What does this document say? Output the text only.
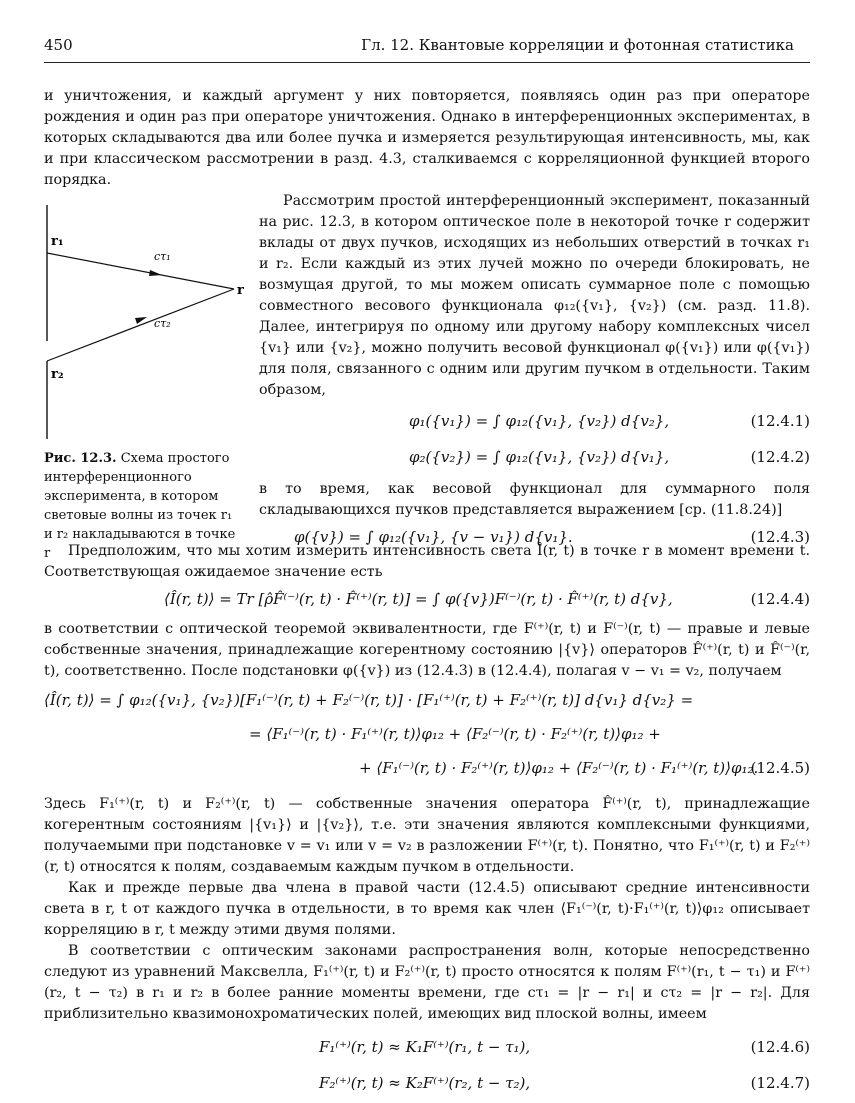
450	Гл. 12. Квантовые корреляции и фотонная статистика

и уничтожения, и каждый аргумент у них повторяется, появляясь один раз при операторе рождения и один раз при операторе уничтожения. Однако в интерференционных экспериментах, в которых складываются два или более пучка и измеряется результирующая интенсивность, мы, как и при классическом рассмотрении в разд. 4.3, сталкиваемся с корреляционной функцией второго порядка.

r₁
r₂
r
cτ₁
cτ₂
Рис. 12.3. Схема простого интерференционного эксперимента, в котором световые волны из точек r₁ и r₂ накладываются в точке r

Рассмотрим простой интерференционный эксперимент, показанный на рис. 12.3, в котором оптическое поле в некоторой точке r содержит вклады от двух пучков, исходящих из небольших отверстий в точках r₁ и r₂. Если каждый из этих лучей можно по очереди блокировать, не возмущая другой, то мы можем описать суммарное поле с помощью совместного весового функционала φ₁₂({v₁}, {v₂}) (см. разд. 11.8). Далее, интегрируя по одному или другому набору комплексных чисел {v₁} или {v₂}, можно получить весовой функционал φ({v₁}) или φ({v₁}) для поля, связанного с одним или другим пучком в отдельности. Таким образом,

φ₁({v₁}) = ∫ φ₁₂({v₁}, {v₂}) d{v₂},	(12.4.1)
φ₂({v₂}) = ∫ φ₁₂({v₁}, {v₂}) d{v₁},	(12.4.2)

в то время, как весовой функционал для суммарного поля складывающихся пучков представляется выражением [ср. (11.8.24)]

φ({v}) = ∫ φ₁₂({v₁}, {v − v₁}) d{v₁}.	(12.4.3)

Предположим, что мы хотим измерить интенсивность света Î(r, t) в точке r в момент времени t. Соответствующая ожидаемое значение есть

⟨Î(r, t)⟩ = Tr [ρ̂F̂⁽⁻⁾(r, t) · F̂⁽⁺⁾(r, t)] = ∫ φ({v})F⁽⁻⁾(r, t) · F̂⁽⁺⁾(r, t) d{v},	(12.4.4)

в соответствии с оптической теоремой эквивалентности, где F⁽⁺⁾(r, t) и F⁽⁻⁾(r, t) — правые и левые собственные значения, принадлежащие когерентному состоянию |{v}⟩ операторов F̂⁽⁺⁾(r, t) и F̂⁽⁻⁾(r, t), соответственно. После подстановки φ({v}) из (12.4.3) в (12.4.4), полагая v − v₁ = v₂, получаем

⟨Î(r, t)⟩ = ∫ φ₁₂({v₁}, {v₂})[F₁⁽⁻⁾(r, t) + F₂⁽⁻⁾(r, t)] · [F₁⁽⁺⁾(r, t) + F₂⁽⁺⁾(r, t)] d{v₁} d{v₂} =
= ⟨F₁⁽⁻⁾(r, t) · F₁⁽⁺⁾(r, t)⟩φ₁₂ + ⟨F₂⁽⁻⁾(r, t) · F₂⁽⁺⁾(r, t)⟩φ₁₂ +
+ ⟨F₁⁽⁻⁾(r, t) · F₂⁽⁺⁾(r, t)⟩φ₁₂ + ⟨F₂⁽⁻⁾(r, t) · F₁⁽⁺⁾(r, t)⟩φ₁₂.
(12.4.5)

Здесь F₁⁽⁺⁾(r, t) и F₂⁽⁺⁾(r, t) — собственные значения оператора F̂⁽⁺⁾(r, t), принадлежащие когерентным состояниям |{v₁}⟩ и |{v₂}⟩, т.е. эти значения являются комплексными функциями, получаемыми при подстановке v = v₁ или v = v₂ в разложении F⁽⁺⁾(r, t). Понятно, что F₁⁽⁺⁾(r, t) и F₂⁽⁺⁾(r, t) относятся к полям, создаваемым каждым пучком в отдельности.

Как и прежде первые два члена в правой части (12.4.5) описывают средние интенсивности света в r, t от каждого пучка в отдельности, в то время как член ⟨F₁⁽⁻⁾(r, t)·F₁⁽⁺⁾(r, t)⟩φ₁₂ описывает корреляцию в r, t между этими двумя полями.

В соответствии с оптическим законами распространения волн, которые непосредственно следуют из уравнений Максвелла, F₁⁽⁺⁾(r, t) и F₂⁽⁺⁾(r, t) просто относятся к полям F⁽⁺⁾(r₁, t − τ₁) и F⁽⁺⁾(r₂, t − τ₂) в r₁ и r₂ в более ранние моменты времени, где cτ₁ = |r − r₁| и cτ₂ = |r − r₂|. Для приблизительно квазимонохроматических полей, имеющих вид плоской волны, имеем

F₁⁽⁺⁾(r, t) ≈ K₁F⁽⁺⁾(r₁, t − τ₁),	(12.4.6)
F₂⁽⁺⁾(r, t) ≈ K₂F⁽⁺⁾(r₂, t − τ₂),	(12.4.7)
